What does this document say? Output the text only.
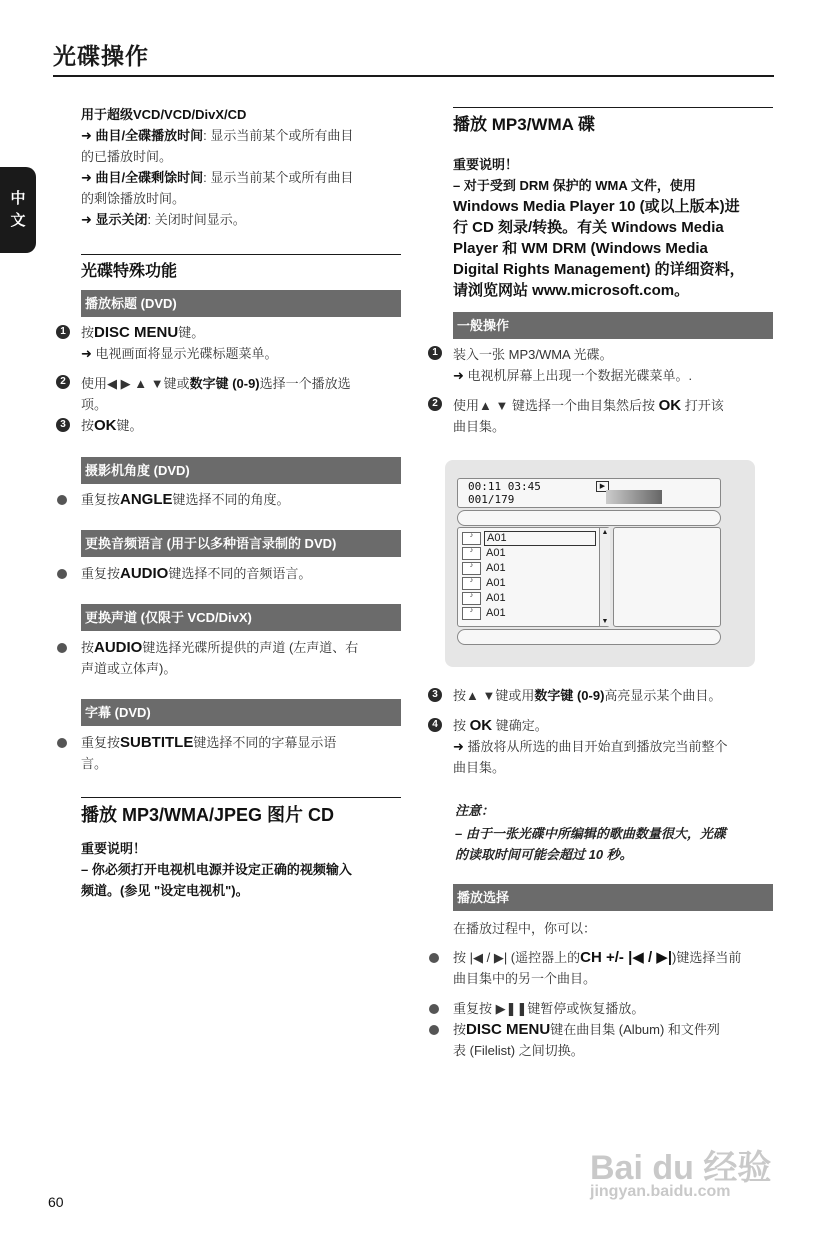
光碟操作
中
文
用于超级VCD/VCD/DivX/CD
➜ 曲目/全碟播放时间: 显示当前某个或所有曲目
的已播放时间。
➜ 曲目/全碟剩馀时间: 显示当前某个或所有曲目
的剩馀播放时间。
➜ 显示关闭: 关闭时间显示。
光碟特殊功能
播放标题 (DVD)
1	按DISC MENU键。
➜ 电视画面将显示光碟标题菜单。
2	使用◀ ▶ ▲ ▼键或数字键 (0-9)选择一个播放选
项。
3	按OK键。
摄影机角度 (DVD)
重复按ANGLE键选择不同的角度。
更换音频语言 (用于以多种语言录制的 DVD)
重复按AUDIO键选择不同的音频语言。
更换声道 (仅限于 VCD/DivX)
按AUDIO键选择光碟所提供的声道 (左声道、右
声道或立体声)。
字幕 (DVD)
重复按SUBTITLE键选择不同的字幕显示语
言。
播放 MP3/WMA/JPEG 图片 CD
重要说明！
– 你必须打开电视机电源并设定正确的视频输入
频道。(参见 "设定电视机")。
播放 MP3/WMA 碟
重要说明！
– 对于受到 DRM 保护的 WMA 文件，使用
Windows Media Player 10 (或以上版本)进
行 CD 刻录/转换。有关 Windows Media
Player 和 WM DRM (Windows Media
Digital Rights Management) 的详细资料，
请浏览网站 www.microsoft.com。
一般操作
1	装入一张 MP3/WMA 光碟。
➜ 电视机屏幕上出现一个数据光碟菜单。.
2	使用▲ ▼ 键选择一个曲目集然后按 OK 打开该
曲目集。
00:11 03:45
001/179
▶
♪	A01
♪	A01
♪	A01
♪	A01
♪	A01
♪	A01
▲
▼
3	按▲ ▼键或用数字键 (0-9)高亮显示某个曲目。
4	按 OK 键确定。
➜ 播放将从所选的曲目开始直到播放完当前整个
曲目集。
注意：
– 由于一张光碟中所编辑的歌曲数量很大，光碟
的读取时间可能会超过 10 秒。
播放选择
在播放过程中，你可以：
按 |◀ / ▶| (遥控器上的CH +/- |◀ / ▶|)键选择当前
曲目集中的另一个曲目。
重复按 ▶❚❚键暂停或恢复播放。
按DISC MENU键在曲目集 (Album) 和文件列
表 (Filelist) 之间切换。
Bai du 经验
jingyan.baidu.com
60
